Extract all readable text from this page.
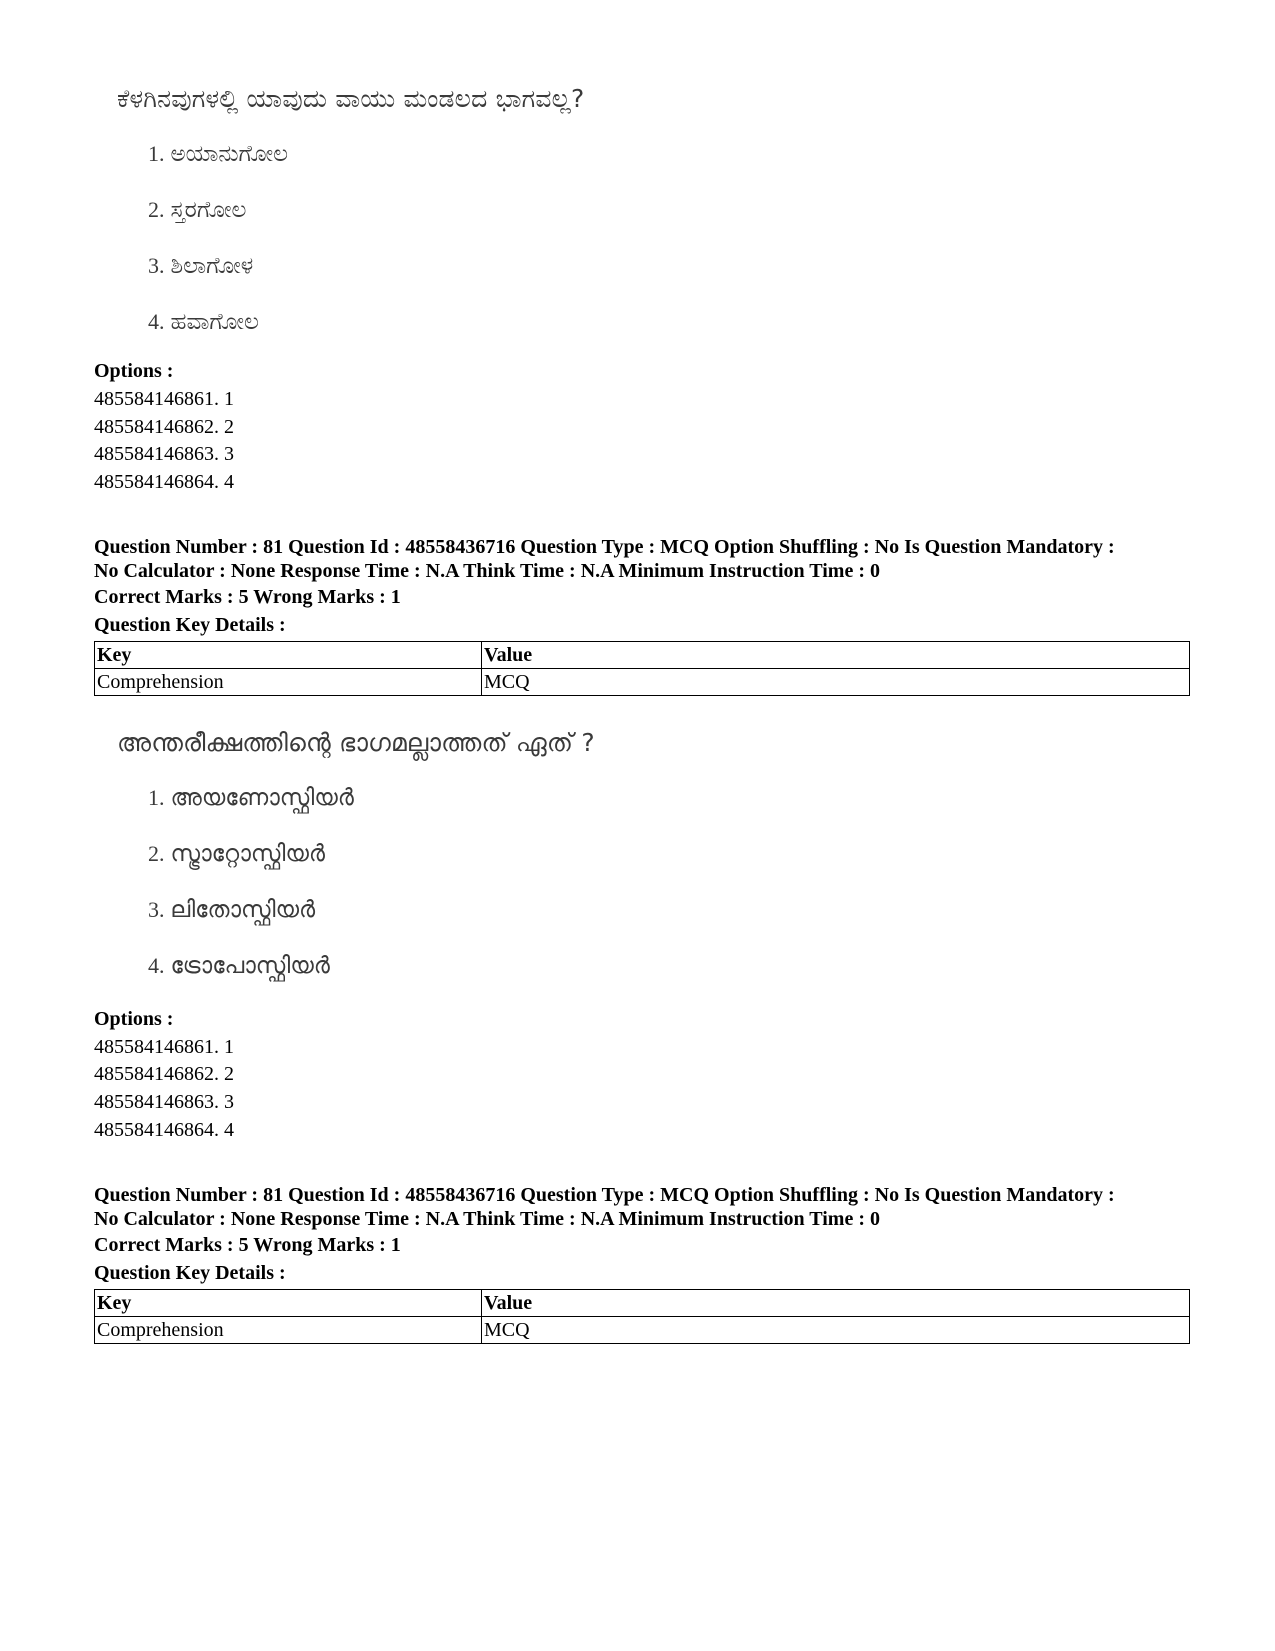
ಕೆಳಗಿನವುಗಳಲ್ಲಿ ಯಾವುದು ವಾಯು ಮಂಡಲದ ಭಾಗವಲ್ಲ?
1. ಅಯಾನುಗೋಲ
2. ಸ್ತರಗೋಲ
3. ಶಿಲಾಗೋಳ
4. ಹವಾಗೋಲ
Options :
485584146861. 1
485584146862. 2
485584146863. 3
485584146864. 4
Question Number : 81 Question Id : 48558436716 Question Type : MCQ Option Shuffling : No Is Question Mandatory :
No Calculator : None Response Time : N.A Think Time : N.A Minimum Instruction Time : 0
Correct Marks : 5 Wrong Marks : 1
Question Key Details :
Key	Value
Comprehension	MCQ
അന്തരീക്ഷത്തിന്റെ ഭാഗമല്ലാത്തത് ഏത് ?
1. അയണോസ്ഫിയർ
2. സ്ട്രാറ്റോസ്ഫിയർ
3. ലിതോസ്ഫിയർ
4. ട്രോപോസ്ഫിയർ
Options :
485584146861. 1
485584146862. 2
485584146863. 3
485584146864. 4
Question Number : 81 Question Id : 48558436716 Question Type : MCQ Option Shuffling : No Is Question Mandatory :
No Calculator : None Response Time : N.A Think Time : N.A Minimum Instruction Time : 0
Correct Marks : 5 Wrong Marks : 1
Question Key Details :
Key	Value
Comprehension	MCQ
